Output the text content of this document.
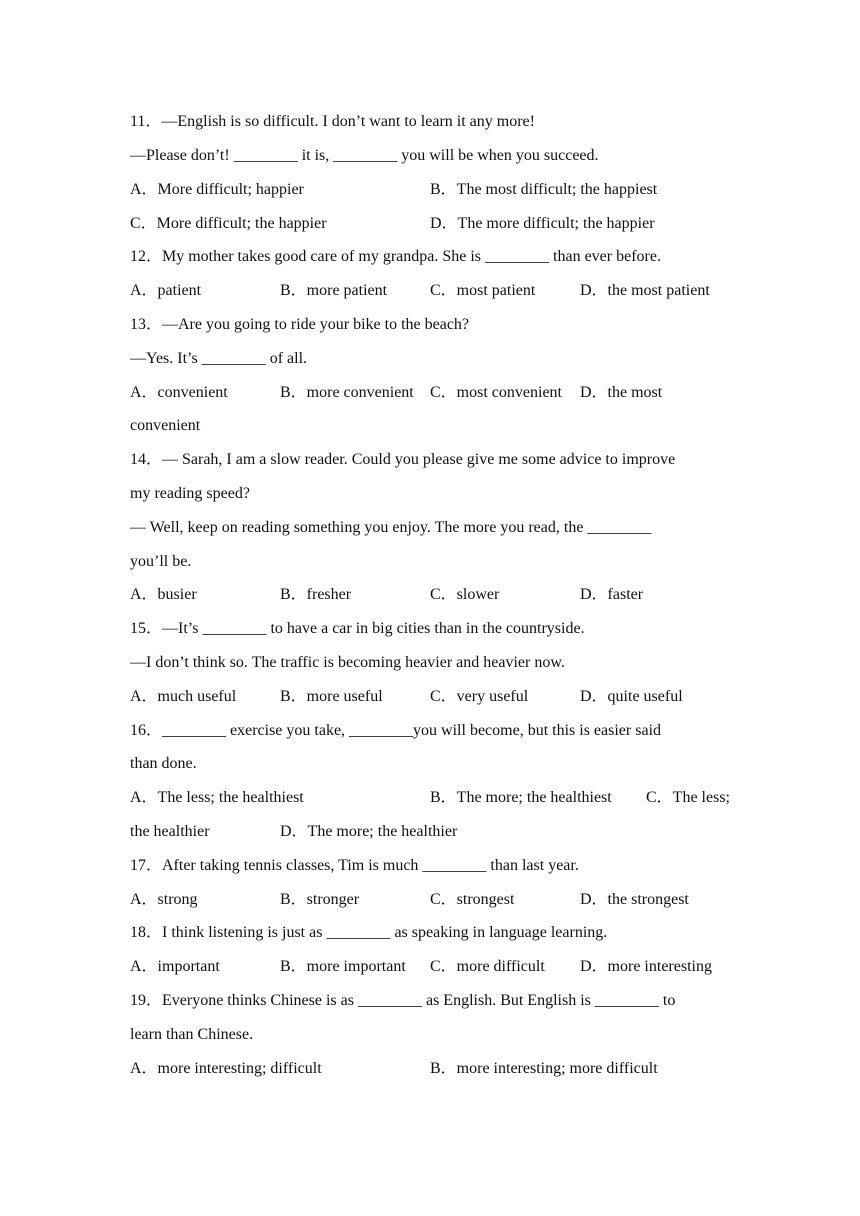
11．—English is so difficult. I don’t want to learn it any more!
—Please don’t! ________ it is, ________ you will be when you succeed.
A．More difficult; happier	B．The most difficult; the happiest
C．More difficult; the happier	D．The more difficult; the happier
12．My mother takes good care of my grandpa. She is ________ than ever before.
A．patient	B．more patient	C．most patient	D．the most patient
13．—Are you going to ride your bike to the beach?
—Yes. It’s ________ of all.
A．convenient	B．more convenient C．most convenient D．the most
convenient
14．— Sarah, I am a slow reader. Could you please give me some advice to improve
my reading speed?
— Well, keep on reading something you enjoy. The more you read, the ________
you’ll be.
A．busier	B．fresher	C．slower	D．faster
15．—It’s ________ to have a car in big cities than in the countryside.
—I don’t think so. The traffic is becoming heavier and heavier now.
A．much useful	B．more useful	C．very useful	D．quite useful
16．________ exercise you take, ________you will become, but this is easier said
than done.
A．The less; the healthiest	B．The more; the healthiest C．The less;
the healthier	D．The more; the healthier
17．After taking tennis classes, Tim is much ________ than last year.
A．strong	B．stronger	C．strongest	D．the strongest
18．I think listening is just as ________ as speaking in language learning.
A．important	B．more important C．more difficult D．more interesting
19．Everyone thinks Chinese is as ________ as English. But English is ________ to
learn than Chinese.
A．more interesting; difficult	B．more interesting; more difficult
